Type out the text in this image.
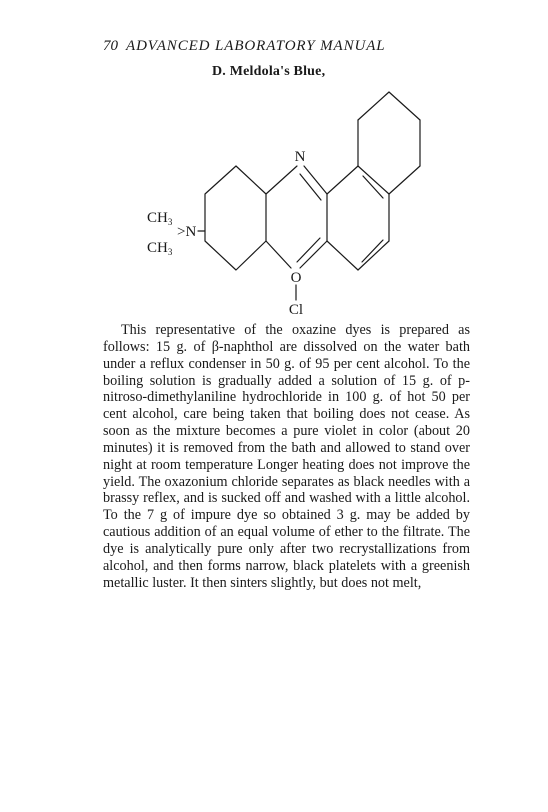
70 ADVANCED LABORATORY MANUAL
D. Meldola's Blue,
N
>N
$CH_3$
$CH_3$
O
Cl

This representative of the oxazine dyes is prepared as follows: 15 g. of β-naphthol are dissolved on the water bath under a reflux condenser in 50 g. of 95 per cent alcohol. To the boiling solution is gradually added a solution of 15 g. of p-nitroso-dimethylaniline hydrochloride in 100 g. of hot 50 per cent alcohol, care being taken that boiling does not cease. As soon as the mixture becomes a pure violet in color (about 20 minutes) it is removed from the bath and allowed to stand over night at room temperature Longer heating does not improve the yield. The oxazonium chloride separates as black needles with a brassy reflex, and is sucked off and washed with a little alcohol. To the 7 g of impure dye so obtained 3 g. may be added by cautious addition of an equal volume of ether to the filtrate. The dye is analytically pure only after two recrystallizations from alcohol, and then forms narrow, black platelets with a greenish metallic luster. It then sinters slightly, but does not melt,
